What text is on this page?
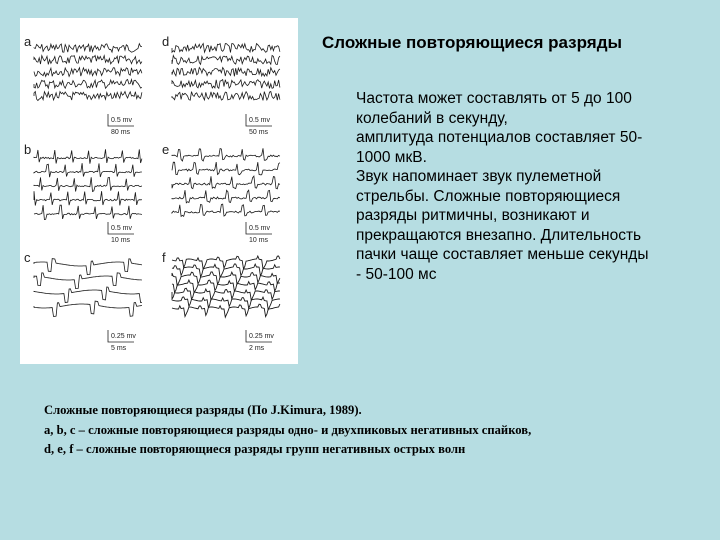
Сложные повторяющиеся разряды
Частота может составлять от 5 до 100
колебаний в секунду,
амплитуда потенциалов составляет 50-
1000 мкВ.
Звук напоминает звук пулеметной
стрельбы. Сложные повторяющиеся
разряды ритмичны, возникают и
прекращаются внезапно. Длительность
пачки чаще составляет меньше секунды
- 50-100 мс
a
0.5 mv
80 ms
d
0.5 mv
50 ms
b
0.5 mv
10 ms
e
0.5 mv
10 ms
c
0.25 mv
5 ms
f
0.25 mv
2 ms
Сложные повторяющиеся разряды (По J.Kimura, 1989).
a, b, c – сложные повторяющиеся разряды одно- и двухпиковых негативных спайков,
d, e, f – сложные повторяющиеся разряды групп негативных острых волн
